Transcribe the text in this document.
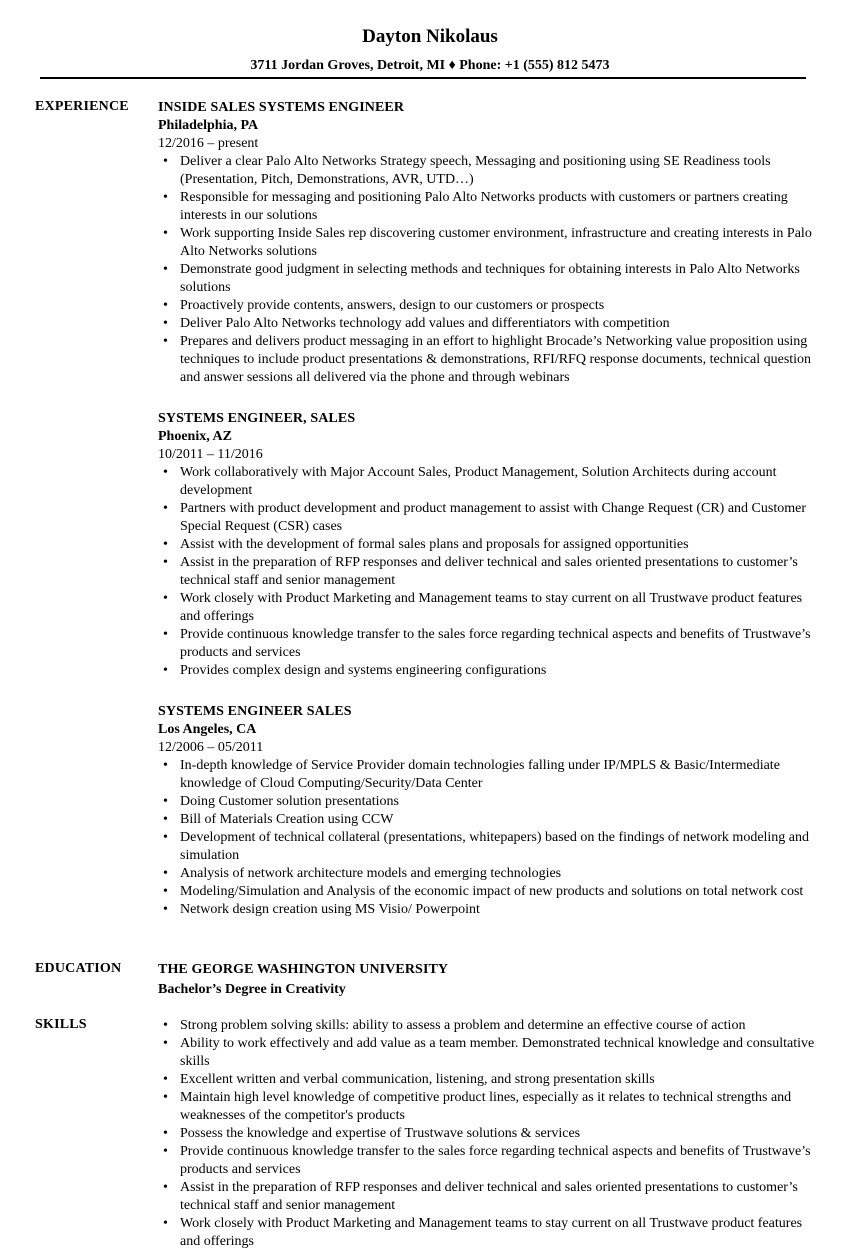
Dayton Nikolaus
3711 Jordan Groves, Detroit, MI ♦ Phone: +1 (555) 812 5473
EXPERIENCE INSIDE SALES SYSTEMS ENGINEER
Philadelphia, PA
12/2016 – present
• Deliver a clear Palo Alto Networks Strategy speech, Messaging and positioning using SE Readiness tools (Presentation, Pitch, Demonstrations, AVR, UTD…)
• Responsible for messaging and positioning Palo Alto Networks products with customers or partners creating interests in our solutions
• Work supporting Inside Sales rep discovering customer environment, infrastructure and creating interests in Palo Alto Networks solutions
• Demonstrate good judgment in selecting methods and techniques for obtaining interests in Palo Alto Networks solutions
• Proactively provide contents, answers, design to our customers or prospects
• Deliver Palo Alto Networks technology add values and differentiators with competition
• Prepares and delivers product messaging in an effort to highlight Brocade’s Networking value proposition using techniques to include product presentations & demonstrations, RFI/RFQ response documents, technical question and answer sessions all delivered via the phone and through webinars
SYSTEMS ENGINEER, SALES
Phoenix, AZ
10/2011 – 11/2016
• Work collaboratively with Major Account Sales, Product Management, Solution Architects during account development
• Partners with product development and product management to assist with Change Request (CR) and Customer Special Request (CSR) cases
• Assist with the development of formal sales plans and proposals for assigned opportunities
• Assist in the preparation of RFP responses and deliver technical and sales oriented presentations to customer’s technical staff and senior management
• Work closely with Product Marketing and Management teams to stay current on all Trustwave product features and offerings
• Provide continuous knowledge transfer to the sales force regarding technical aspects and benefits of Trustwave’s products and services
• Provides complex design and systems engineering configurations
SYSTEMS ENGINEER SALES
Los Angeles, CA
12/2006 – 05/2011
• In-depth knowledge of Service Provider domain technologies falling under IP/MPLS & Basic/Intermediate knowledge of Cloud Computing/Security/Data Center
• Doing Customer solution presentations
• Bill of Materials Creation using CCW
• Development of technical collateral (presentations, whitepapers) based on the findings of network modeling and simulation
• Analysis of network architecture models and emerging technologies
• Modeling/Simulation and Analysis of the economic impact of new products and solutions on total network cost
• Network design creation using MS Visio/ Powerpoint
EDUCATION	THE GEORGE WASHINGTON UNIVERSITY
Bachelor’s Degree in Creativity
SKILLS	• Strong problem solving skills: ability to assess a problem and determine an effective course of action
• Ability to work effectively and add value as a team member. Demonstrated technical knowledge and consultative skills
• Excellent written and verbal communication, listening, and strong presentation skills
• Maintain high level knowledge of competitive product lines, especially as it relates to technical strengths and weaknesses of the competitor's products
• Possess the knowledge and expertise of Trustwave solutions & services
• Provide continuous knowledge transfer to the sales force regarding technical aspects and benefits of Trustwave’s products and services
• Assist in the preparation of RFP responses and deliver technical and sales oriented presentations to customer’s technical staff and senior management
• Work closely with Product Marketing and Management teams to stay current on all Trustwave product features and offerings
